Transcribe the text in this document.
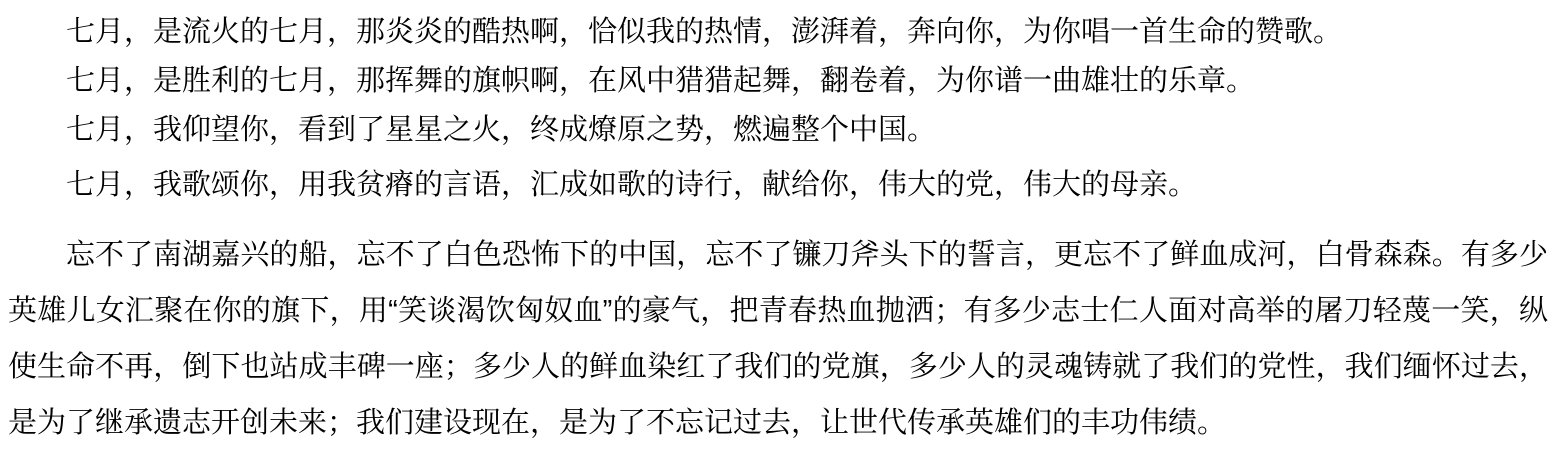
七月，是流火的七月，那炎炎的酷热啊，恰似我的热情，澎湃着，奔向你，为你唱一首生命的赞歌。

七月，是胜利的七月，那挥舞的旗帜啊，在风中猎猎起舞，翻卷着，为你谱一曲雄壮的乐章。

七月，我仰望你，看到了星星之火，终成燎原之势，燃遍整个中国。

七月，我歌颂你，用我贫瘠的言语，汇成如歌的诗行，献给你，伟大的党，伟大的母亲。

忘不了南湖嘉兴的船，忘不了白色恐怖下的中国，忘不了镰刀斧头下的誓言，更忘不了鲜血成河，白骨森森。有多少英雄儿女汇聚在你的旗下，用“笑谈渴饮匈奴血”的豪气，把青春热血抛洒；有多少志士仁人面对高举的屠刀轻蔑一笑，纵使生命不再，倒下也站成丰碑一座；多少人的鲜血染红了我们的党旗，多少人的灵魂铸就了我们的党性，我们缅怀过去，是为了继承遗志开创未来；我们建设现在，是为了不忘记过去，让世代传承英雄们的丰功伟绩。
